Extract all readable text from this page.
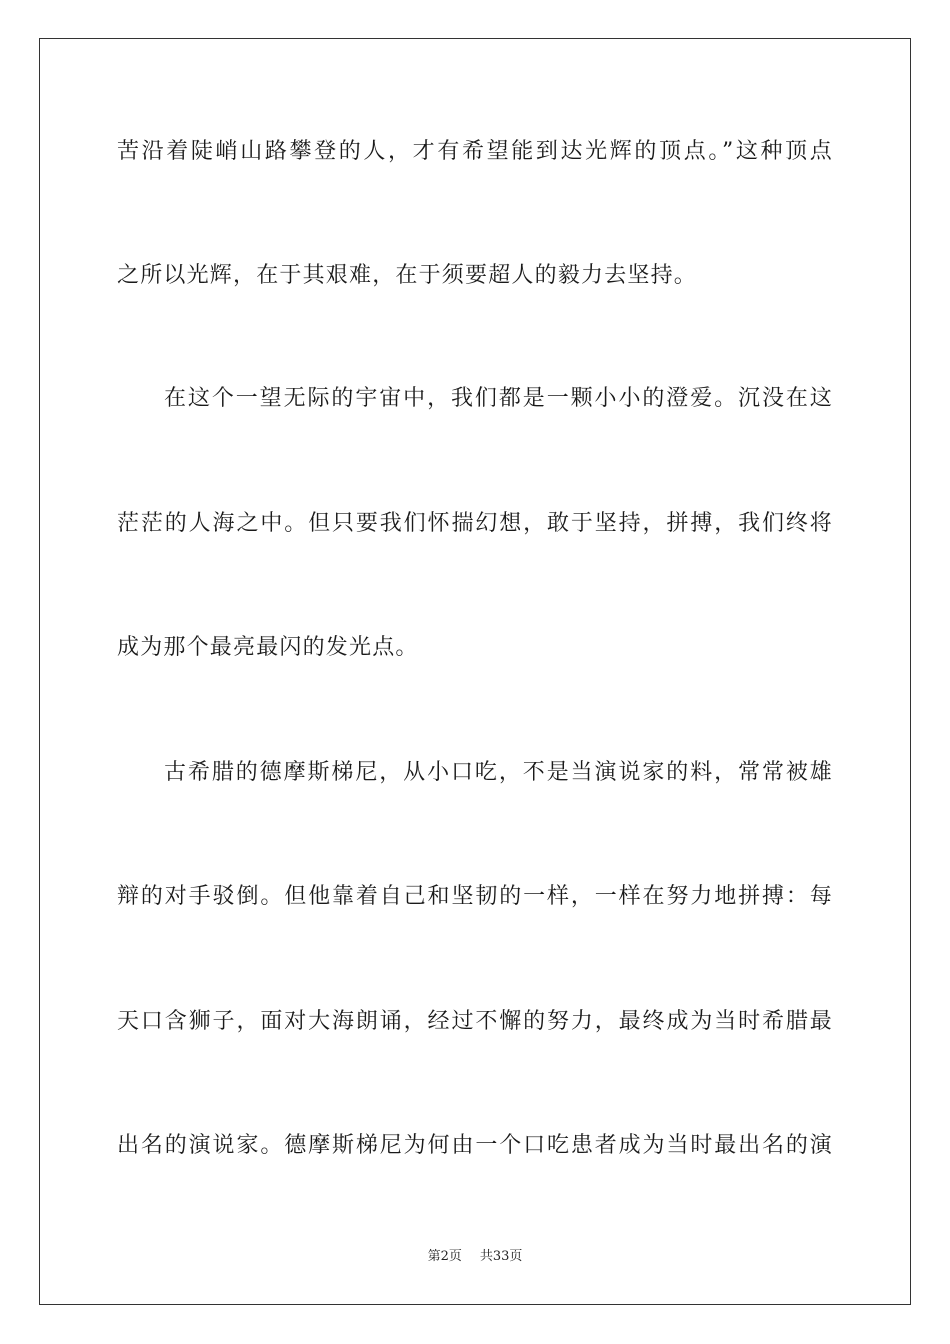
苦沿着陡峭山路攀登的人，才有希望能到达光辉的顶点。”这种顶点
之所以光辉，在于其艰难，在于须要超人的毅力去坚持。
在这个一望无际的宇宙中，我们都是一颗小小的澄爱。沉没在这
茫茫的人海之中。但只要我们怀揣幻想，敢于坚持，拼搏，我们终将
成为那个最亮最闪的发光点。
古希腊的德摩斯梯尼，从小口吃，不是当演说家的料，常常被雄
辩的对手驳倒。但他靠着自己和坚韧的一样，一样在努力地拼搏：每
天口含狮子，面对大海朗诵，经过不懈的努力，最终成为当时希腊最
出名的演说家。德摩斯梯尼为何由一个口吃患者成为当时最出名的演
第2页 共33页
